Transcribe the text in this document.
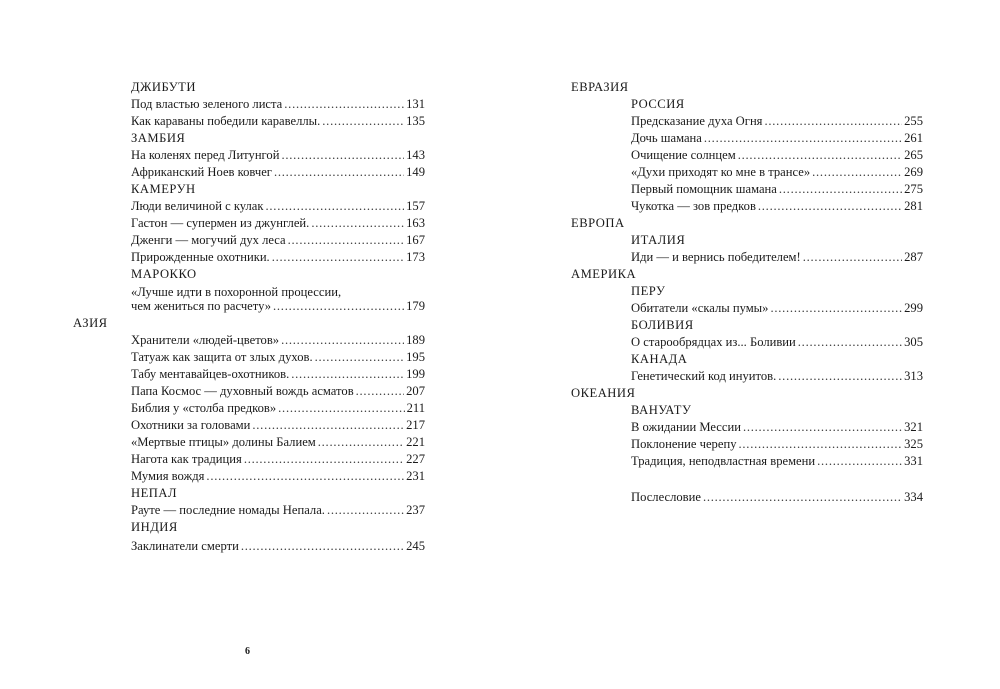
ДЖИБУТИ
Под властью зеленого листа . . .	131
Как караваны победили каравеллы. . . .	135
ЗАМБИЯ
На коленях перед Литунгой . . .	143
Африканский Ноев ковчег . . .	149
КАМЕРУН
Люди величиной с кулак . . .	157
Гастон — супермен из джунглей. . . .	163
Дженги — могучий дух леса . . .	167
Прирожденные охотники. . . .	173
МАРОККО
«Лучше идти в похоронной процессии,
чем жениться по расчету» . . .	179
АЗИЯ
Хранители «людей-цветов» . . .	189
Татуаж как защита от злых духов. . . .	195
Табу ментавайцев-охотников. . . .	199
Папа Космос — духовный вождь асматов . . .	207
Библия у «столба предков» . . .	211
Охотники за головами . . .	217
«Мертвые птицы» долины Балием . . .	221
Нагота как традиция . . .	227
Мумия вождя . . .	231
НЕПАЛ
Рауте — последние номады Непала. . . .	237
ИНДИЯ
Заклинатели смерти . . .	245
6
ЕВРАЗИЯ
РОССИЯ
Предсказание духа Огня . . .	255
Дочь шамана . . .	261
Очищение солнцем . . .	265
«Духи приходят ко мне в трансе» . . .	269
Первый помощник шамана . . .	275
Чукотка — зов предков . . .	281
ЕВРОПА
ИТАЛИЯ
Иди — и вернись победителем! . . .	287
АМЕРИКА
ПЕРУ
Обитатели «скалы пумы» . . .	299
БОЛИВИЯ
О старообрядцах из... Боливии . . .	305
КАНАДА
Генетический код инуитов. . . .	313
ОКЕАНИЯ
ВАНУАТУ
В ожидании Мессии . . .	321
Поклонение черепу . . .	325
Традиция, неподвластная времени . . .	331
Послесловие . . .	334
